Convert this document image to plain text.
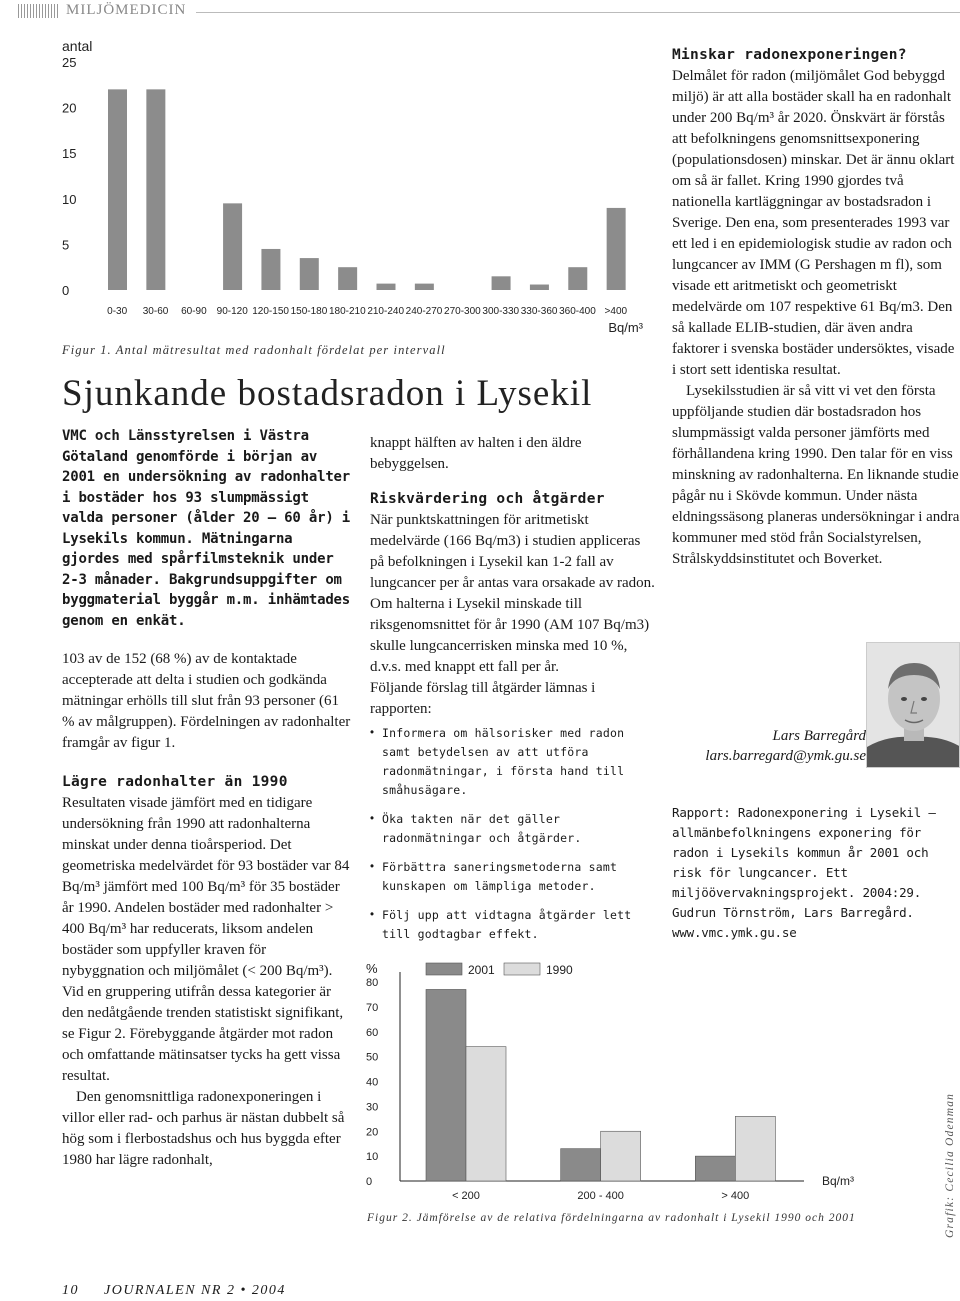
MILJÖMEDICIN
antal
0
5
10
15
20
25
0-30 30-60 60-90 90-120 120-150 150-180 180-210 210-240 240-270 270-300 300-330 330-360 360-400 >400
Bq/m³
Figur 1. Antal mätresultat med radonhalt fördelat per intervall
Sjunkande bostadsradon i Lysekil
VMC och Länsstyrelsen i Västra Götaland genomförde i början av 2001 en undersökning av radonhalter i bostäder hos 93 slumpmässigt valda personer (ålder 20 – 60 år) i Lysekils kommun. Mätningarna gjordes med spårfilmsteknik under 2-3 månader. Bakgrundsuppgifter om byggmaterial byggår m.m. inhämtades genom en enkät.
103 av de 152 (68 %) av de kontaktade accepterade att delta i studien och godkända mätningar erhölls till slut från 93 personer (61 % av målgruppen). Fördelningen av radonhalter framgår av figur 1.
Lägre radonhalter än 1990
Resultaten visade jämfört med en tidigare undersökning från 1990 att radonhalterna minskat under denna tioårsperiod. Det geometriska medelvärdet för 93 bostäder var 84 Bq/m³ jämfört med 100 Bq/m³ för 35 bostäder år 1990. Andelen bostäder med radonhalter > 400 Bq/m³ har reducerats, liksom andelen bostäder som uppfyller kraven för nybyggnation och miljömålet (< 200 Bq/m³). Vid en gruppering utifrån dessa kategorier är den nedåtgående trenden statistiskt signifikant, se Figur 2. Förebyggande åtgärder mot radon och omfattande mätinsatser tycks ha gett vissa resultat.
Den genomsnittliga radonexponeringen i villor eller rad- och parhus är nästan dubbelt så hög som i flerbostadshus och hus byggda efter 1980 har lägre radonhalt,
knappt hälften av halten i den äldre bebyggelsen.
Riskvärdering och åtgärder
När punktskattningen för aritmetiskt medelvärde (166 Bq/m3) i studien appliceras på befolkningen i Lysekil kan 1-2 fall av lungcancer per år antas vara orsakade av radon. Om halterna i Lysekil minskade till riksgenomsnittet för år 1990 (AM 107 Bq/m3) skulle lungcancerrisken minska med 10 %, d.v.s. med knappt ett fall per år.
Följande förslag till åtgärder lämnas i rapporten:
• Informera om hälsorisker med radon samt betydelsen av att utföra radonmätningar, i första hand till småhusägare.
• Öka takten när det gäller radonmätningar och åtgärder.
• Förbättra saneringsmetoderna samt kunskapen om lämpliga metoder.
• Följ upp att vidtagna åtgärder lett till godtagbar effekt.
Minskar radonexponeringen?
Delmålet för radon (miljömålet God bebyggd miljö) är att alla bostäder skall ha en radonhalt under 200 Bq/m³ år 2020. Önskvärt är förstås att befolkningens genomsnittsexponering (populationsdosen) minskar. Det är ännu oklart om så är fallet. Kring 1990 gjordes två nationella kartläggningar av bostadsradon i Sverige. Den ena, som presenterades 1993 var ett led i en epidemiologisk studie av radon och lungcancer av IMM (G Pershagen m fl), som visade ett aritmetiskt och geometriskt medelvärde om 107 respektive 61 Bq/m3. Den så kallade ELIB-studien, där även andra faktorer i svenska bostäder undersöktes, visade i stort sett identiska resultat.
Lysekilsstudien är så vitt vi vet den första uppföljande studien där bostadsradon hos slumpmässigt valda personer jämförts med förhållandena kring 1990. Den talar för en viss minskning av radonhalterna. En liknande studie pågår nu i Skövde kommun. Under nästa eldningssäsong planeras undersökningar i andra kommuner med stöd från Socialstyrelsen, Strålskyddsinstitutet och Boverket.
Lars Barregård
lars.barregard@ymk.gu.se
Rapport: Radonexponering i Lysekil – allmänbefolkningens exponering för radon i Lysekils kommun år 2001 och risk för lungcancer. Ett miljöövervakningsprojekt. 2004:29. Gudrun Törnström, Lars Barregård. www.vmc.ymk.gu.se
%
0
10
20
30
40
50
60
70
80
< 200	200 - 400	> 400
2001	1990
Bq/m³
Figur 2. Jämförelse av de relativa fördelningarna av radonhalt i Lysekil 1990 och 2001	Grafik: Cecilia Odenman
10 JOURNALEN NR 2 • 2004
